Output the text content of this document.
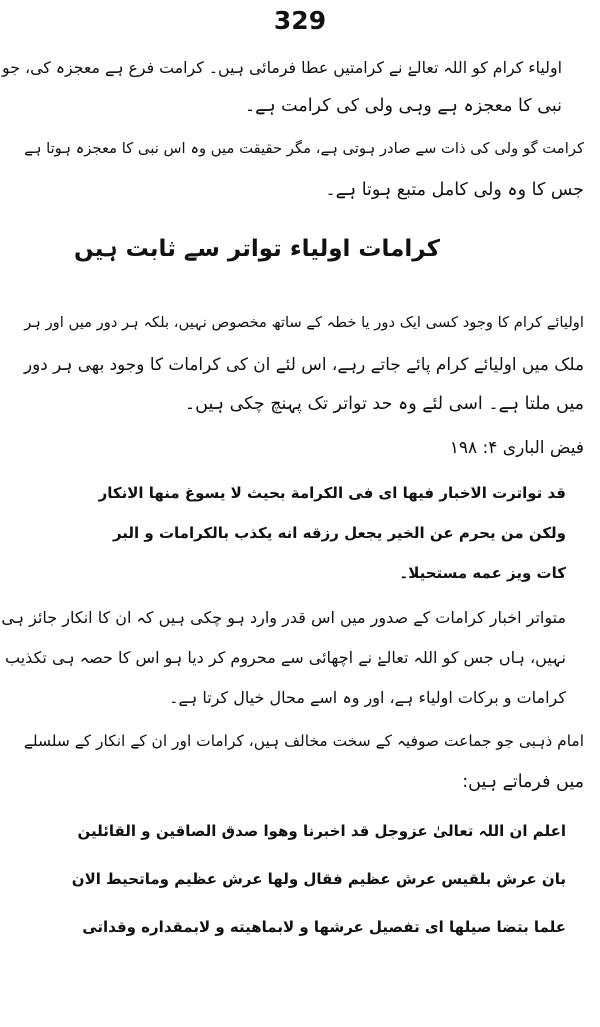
329
اولیاء کرام کو اللہ تعالےٰ نے کرامتیں عطا فرمائی ہیں۔ کرامت فرع ہے معجزہ کی، جو
نبی کا معجزہ ہے وہی ولی کی کرامت ہے۔
کرامت گو ولی کی ذات سے صادر ہوتی ہے، مگر حقیقت میں وہ اس نبی کا معجزہ ہوتا ہے
جس کا وہ ولی کامل متبع ہوتا ہے۔
کرامات اولیاء تواتر سے ثابت ہیں
اولیائے کرام کا وجود کسی ایک دور یا خطہ کے ساتھ مخصوص نہیں، بلکہ ہر دور میں اور ہر
ملک میں اولیائے کرام پائے جاتے رہے، اس لئے ان کی کرامات کا وجود بھی ہر دور
میں ملتا ہے۔ اسی لئے وہ حد تواتر تک پہنچ چکی ہیں۔
فیض الباری ۴: ۱۹۸
قد تواترت الاخبار فیھا ای فی الکرامة بحیث لا یسوغ منھا الانکار
ولکن من یحرم عن الخیر یجعل رزقه انه یکذب بالکرامات و البر
کات ویز عمه مستحیلا۔
متواتر اخبار کرامات کے صدور میں اس قدر وارد ہو چکی ہیں کہ ان کا انکار جائز ہی
نہیں، ہاں جس کو اللہ تعالےٰ نے اچھائی سے محروم کر دیا ہو اس کا حصہ ہی تکذیب
کرامات و برکات اولیاء ہے، اور وہ اسے محال خیال کرتا ہے۔
امام ذہبی جو جماعت صوفیہ کے سخت مخالف ہیں، کرامات اور ان کے انکار کے سلسلے
میں فرماتے ہیں:
اعلم ان اللہ تعالیٰ عزوجل قد اخبرنا وھوا صدق الصاقین و القائلین
بان عرش بلقیس عرش عظیم فقال ولھا عرش عظیم وماتحیط الان
علما بتضا صیلھا ای تفصیل عرشھا و لابماھیته و لابمقداره وقداتی
